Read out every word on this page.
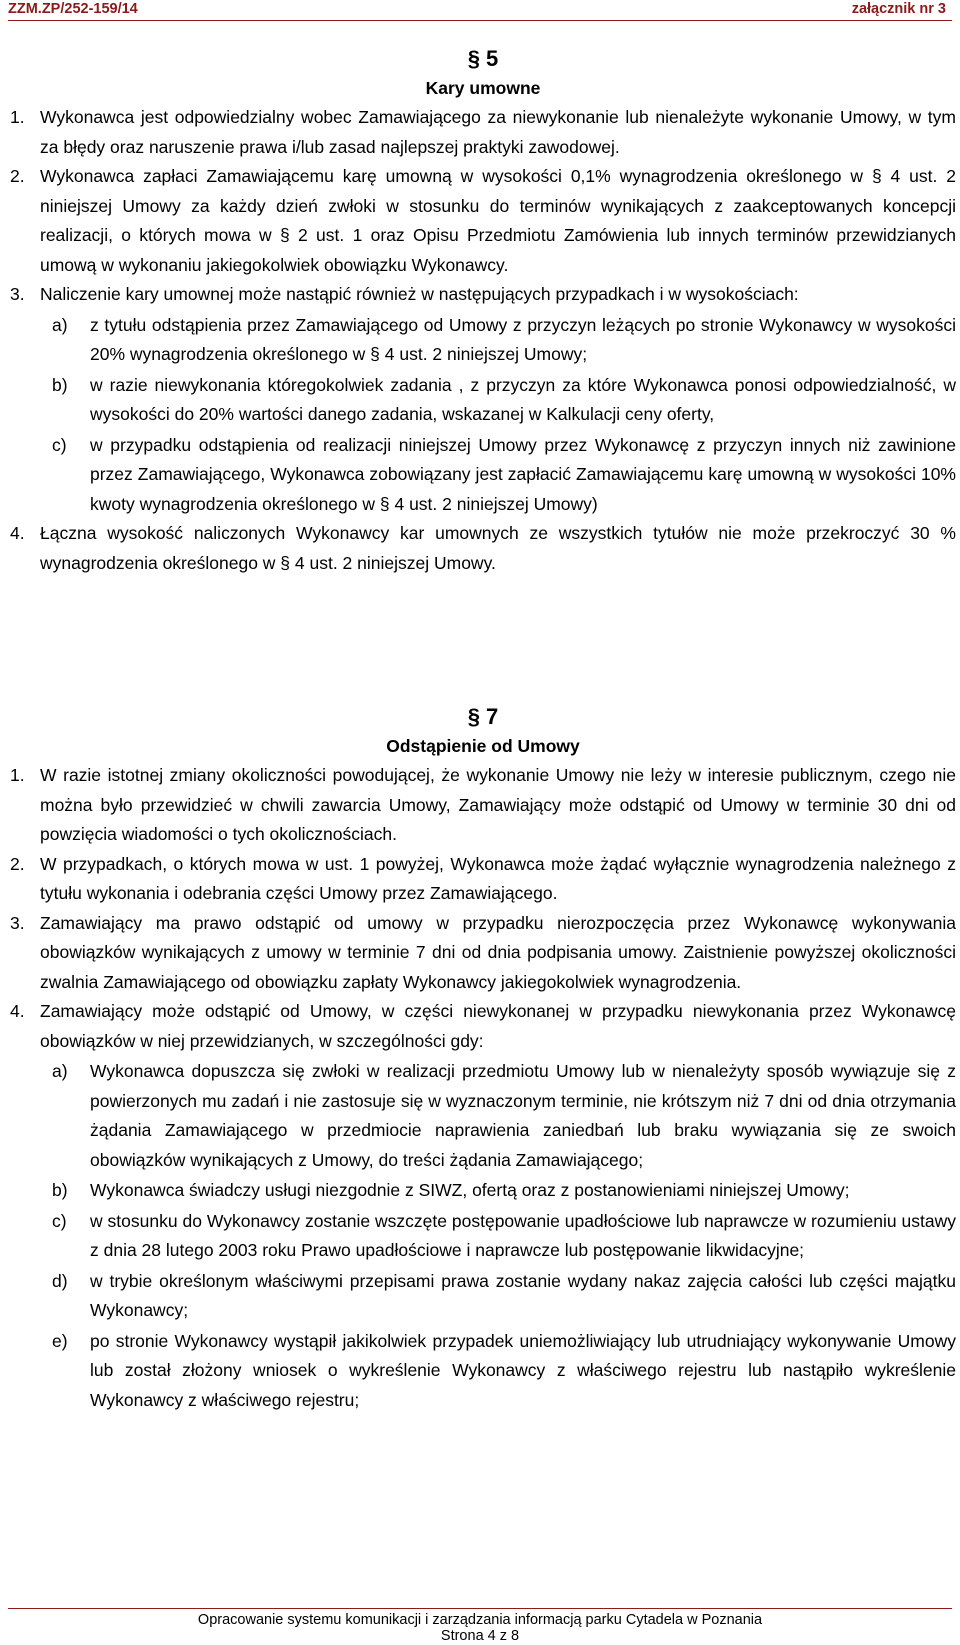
ZZM.ZP/252-159/14	załącznik nr 3
§ 5
Kary umowne
1. Wykonawca jest odpowiedzialny wobec Zamawiającego za niewykonanie lub nienależyte wykonanie Umowy, w tym za błędy oraz naruszenie prawa i/lub zasad najlepszej praktyki zawodowej.
2. Wykonawca zapłaci Zamawiającemu karę umowną w wysokości 0,1% wynagrodzenia określonego w § 4 ust. 2 niniejszej Umowy za każdy dzień zwłoki w stosunku do terminów wynikających z zaakceptowanych koncepcji realizacji, o których mowa w § 2 ust. 1 oraz Opisu Przedmiotu Zamówienia lub innych terminów przewidzianych umową w wykonaniu jakiegokolwiek obowiązku Wykonawcy.
3. Naliczenie kary umownej może nastąpić również w następujących przypadkach i w wysokościach:
a) z tytułu odstąpienia przez Zamawiającego od Umowy z przyczyn leżących po stronie Wykonawcy w wysokości 20% wynagrodzenia określonego w § 4 ust. 2 niniejszej Umowy;
b) w razie niewykonania któregokolwiek zadania , z przyczyn za które Wykonawca ponosi odpowiedzialność, w wysokości do 20% wartości danego zadania, wskazanej w Kalkulacji ceny oferty,
c) w przypadku odstąpienia od realizacji niniejszej Umowy przez Wykonawcę z przyczyn innych niż zawinione przez Zamawiającego, Wykonawca zobowiązany jest zapłacić Zamawiającemu karę umowną w wysokości 10% kwoty wynagrodzenia określonego w § 4 ust. 2 niniejszej Umowy)
4. Łączna wysokość naliczonych Wykonawcy kar umownych ze wszystkich tytułów nie może przekroczyć 30 % wynagrodzenia określonego w § 4 ust. 2 niniejszej Umowy.
§ 7
Odstąpienie od Umowy
1. W razie istotnej zmiany okoliczności powodującej, że wykonanie Umowy nie leży w interesie publicznym, czego nie można było przewidzieć w chwili zawarcia Umowy, Zamawiający może odstąpić od Umowy w terminie 30 dni od powzięcia wiadomości o tych okolicznościach.
2. W przypadkach, o których mowa w ust. 1 powyżej, Wykonawca może żądać wyłącznie wynagrodzenia należnego z tytułu wykonania i odebrania części Umowy przez Zamawiającego.
3. Zamawiający ma prawo odstąpić od umowy w przypadku nierozpoczęcia przez Wykonawcę wykonywania obowiązków wynikających z umowy w terminie 7 dni od dnia podpisania umowy. Zaistnienie powyższej okoliczności zwalnia Zamawiającego od obowiązku zapłaty Wykonawcy jakiegokolwiek wynagrodzenia.
4. Zamawiający może odstąpić od Umowy, w części niewykonanej w przypadku niewykonania przez Wykonawcę obowiązków w niej przewidzianych, w szczególności gdy:
a) Wykonawca dopuszcza się zwłoki w realizacji przedmiotu Umowy lub w nienależyty sposób wywiązuje się z powierzonych mu zadań i nie zastosuje się w wyznaczonym terminie, nie krótszym niż 7 dni od dnia otrzymania żądania Zamawiającego w przedmiocie naprawienia zaniedbań lub braku wywiązania się ze swoich obowiązków wynikających z Umowy, do treści żądania Zamawiającego;
b) Wykonawca świadczy usługi niezgodnie z SIWZ, ofertą oraz z postanowieniami niniejszej Umowy;
c) w stosunku do Wykonawcy zostanie wszczęte postępowanie upadłościowe lub naprawcze w rozumieniu ustawy z dnia 28 lutego 2003 roku Prawo upadłościowe i naprawcze lub postępowanie likwidacyjne;
d) w trybie określonym właściwymi przepisami prawa zostanie wydany nakaz zajęcia całości lub części majątku Wykonawcy;
e) po stronie Wykonawcy wystąpił jakikolwiek przypadek uniemożliwiający lub utrudniający wykonywanie Umowy lub został złożony wniosek o wykreślenie Wykonawcy z właściwego rejestru lub nastąpiło wykreślenie Wykonawcy z właściwego rejestru;
Opracowanie systemu komunikacji i zarządzania informacją parku Cytadela w Poznania
Strona 4 z 8
